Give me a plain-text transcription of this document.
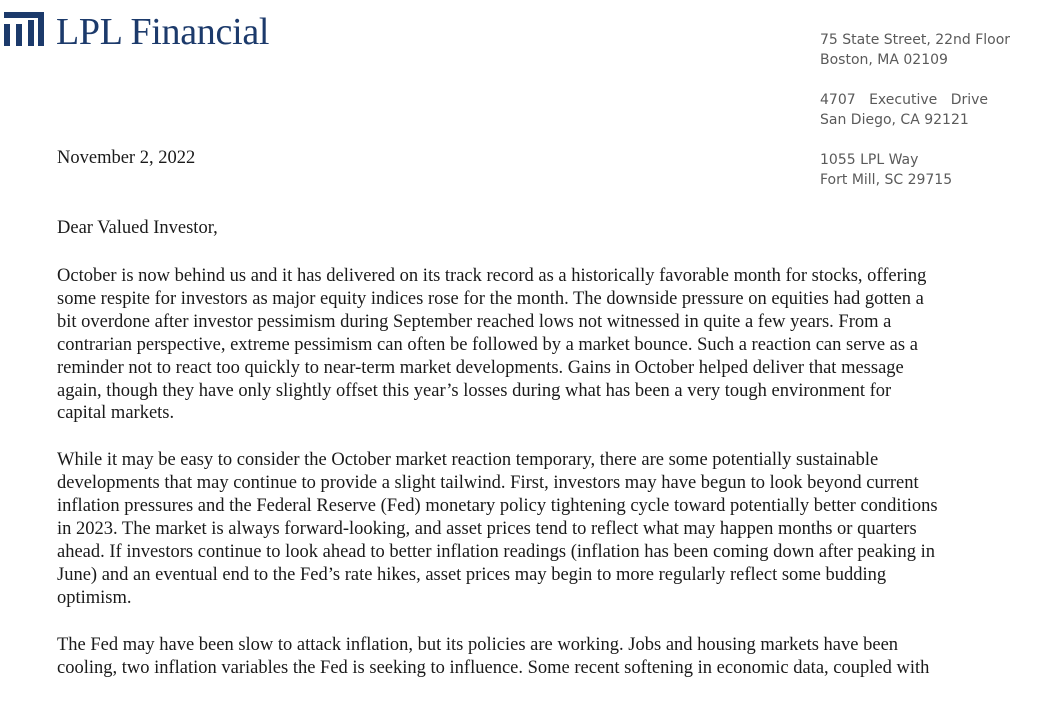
LPL Financial	75 State Street, 22nd Floor
Boston, MA 02109
4707 Executive Drive
San Diego, CA 92121
1055 LPL Way
Fort Mill, SC 29715
November 2, 2022

Dear Valued Investor,

October is now behind us and it has delivered on its track record as a historically favorable month for stocks, offering
some respite for investors as major equity indices rose for the month. The downside pressure on equities had gotten a
bit overdone after investor pessimism during September reached lows not witnessed in quite a few years. From a
contrarian perspective, extreme pessimism can often be followed by a market bounce. Such a reaction can serve as a
reminder not to react too quickly to near-term market developments. Gains in October helped deliver that message
again, though they have only slightly offset this year’s losses during what has been a very tough environment for
capital markets.

While it may be easy to consider the October market reaction temporary, there are some potentially sustainable
developments that may continue to provide a slight tailwind. First, investors may have begun to look beyond current
inflation pressures and the Federal Reserve (Fed) monetary policy tightening cycle toward potentially better conditions
in 2023. The market is always forward-looking, and asset prices tend to reflect what may happen months or quarters
ahead. If investors continue to look ahead to better inflation readings (inflation has been coming down after peaking in
June) and an eventual end to the Fed’s rate hikes, asset prices may begin to more regularly reflect some budding
optimism.

The Fed may have been slow to attack inflation, but its policies are working. Jobs and housing markets have been
cooling, two inflation variables the Fed is seeking to influence. Some recent softening in economic data, coupled with
